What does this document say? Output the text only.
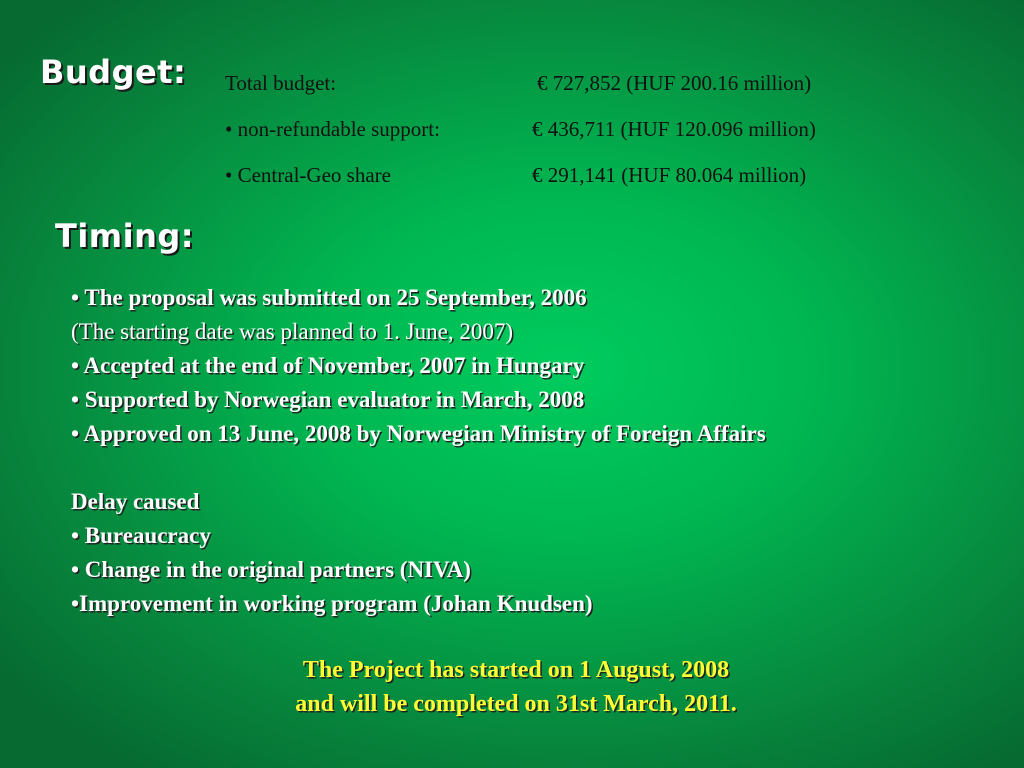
Budget: Total budget:	€ 727,852 (HUF 200.16 million)
• non-refundable support:	€ 436,711 (HUF 120.096 million)
• Central-Geo share	€ 291,141 (HUF 80.064 million)
Timing:
• The proposal was submitted on 25 September, 2006
(The starting date was planned to 1. June, 2007)
• Accepted at the end of November, 2007 in Hungary
• Supported by Norwegian evaluator in March, 2008
• Approved on 13 June, 2008 by Norwegian Ministry of Foreign Affairs
Delay caused
• Bureaucracy
• Change in the original partners (NIVA)
•Improvement in working program (Johan Knudsen)
The Project has started on 1 August, 2008
and will be completed on 31st March, 2011.
